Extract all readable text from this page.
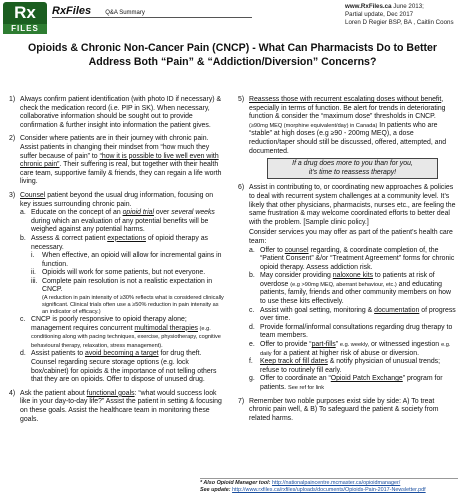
Rx
FILES
RxFiles Q&A Summary
www.RxFiles.ca June 2013;
Partial update, Dec 2017
Loren D Regier BSP, BA , Caitlin Coons
Opioids & Chronic Non-Cancer Pain (CNCP) - What Can Pharmacists Do to Better Address Both “Pain” & “Addiction/Diversion” Concerns?
1) Always confirm patient identification (with photo ID if necessary) & check the medication record (i.e. PIP in SK). When necessary, collaborative information should be sought out to provide confirmation & further insight into information the patient gives.
2) Consider where patients are in their journey with chronic pain. Assist patients in changing their mindset from “how much they suffer because of pain” to “how it is possible to live well even with chronic pain”. Their suffering is real, but together with their health care team, supportive family & friends, they can regain a life worth living.
3) Counsel patient beyond the usual drug information, focusing on key issues surrounding chronic pain.
a. Educate on the concept of an opioid trial over several weeks during which an evaluation of any potential benefits will be weighed against any potential harms.
b. Assess & correct patient expectations of opioid therapy as necessary.
i. When effective, an opioid will allow for incremental gains in function.
ii. Opioids will work for some patients, but not everyone.
iii. Complete pain resolution is not a realistic expectation in CNCP.
(A reduction in pain intensity of ≥30% reflects what is considered clinically significant. Clinical trials often use a ≥50% reduction in pain intensity as an indicator of efficacy.)
c. CNCP is poorly responsive to opioid therapy alone; management requires concurrent multimodal therapies (e.g. conditioning along with pacing techniques, exercise, physiotherapy, cognitive behavioural therapy, relaxation, stress management).
d. Assist patients to avoid becoming a target for drug theft. Counsel regarding secure storage options (e.g. lock box/cabinet) for opioids & the importance of not telling others that they are on opioids. Offer to dispose of unused drug.
4) Ask the patient about functional goals: “what would success look like in your day-to-day life?” Assist the patient in setting & focusing on these goals. Assist the healthcare team in monitoring these goals.
5) Reassess those with recurrent escalating doses without benefit, especially in terms of function. Be alert for trends in deteriorating function & consider the “maximum dose” thresholds in CNCP. (≥90mg MEQ (morphine equivalent/day) in Canada) In patients who are “stable” at high doses (e.g ≥90 - 200mg MEQ), a dose reduction/taper should still be discussed, offered, attempted, and documented.
If a drug does more to you than for you,
it’s time to reassess therapy!
6) Assist in contributing to, or coordinating new approaches & policies to deal with recurrent system challenges at a community level. It’s likely that other physicians, pharmacists, nurses etc., are feeling the same frustration & may welcome coordinated efforts to better deal with the problem. [Sample clinic policy.]
Consider services you may offer as part of the patient’s health care team:
a. Offer to counsel regarding, & coordinate completion of, the “Patient Consent” &/or “Treatment Agreement” forms for chronic opioid therapy. Assess addiction risk.
b. May consider providing naloxone kits to patients at risk of overdose (e.g >90mg MEQ, aberrant behaviour, etc.) and educating patients, family, friends and other community members on how to use these kits effectively.
c. Assist with goal setting, monitoring & documentation of progress over time.
d. Provide formal/informal consultations regarding drug therapy to team members.
e. Offer to provide “part-fills” e.g. weekly, or witnessed ingestion e.g. daily for a patient at higher risk of abuse or diversion.
f. Keep track of fill dates & notify physician of unusual trends; refuse to routinely fill early.
g. Offer to coordinate an “Opioid Patch Exchange” program for patients. See ref for link
7) Remember two noble purposes exist side by side: A) To treat chronic pain well, & B) To safeguard the patient & society from related harms.
* Also Opioid Manager tool: http://nationalpaincentre.mcmaster.ca/opioidmanager/
See update: http://www.rxfiles.ca/rxfiles/uploads/documents/Opioids-Pain-2017-Newsletter.pdf
